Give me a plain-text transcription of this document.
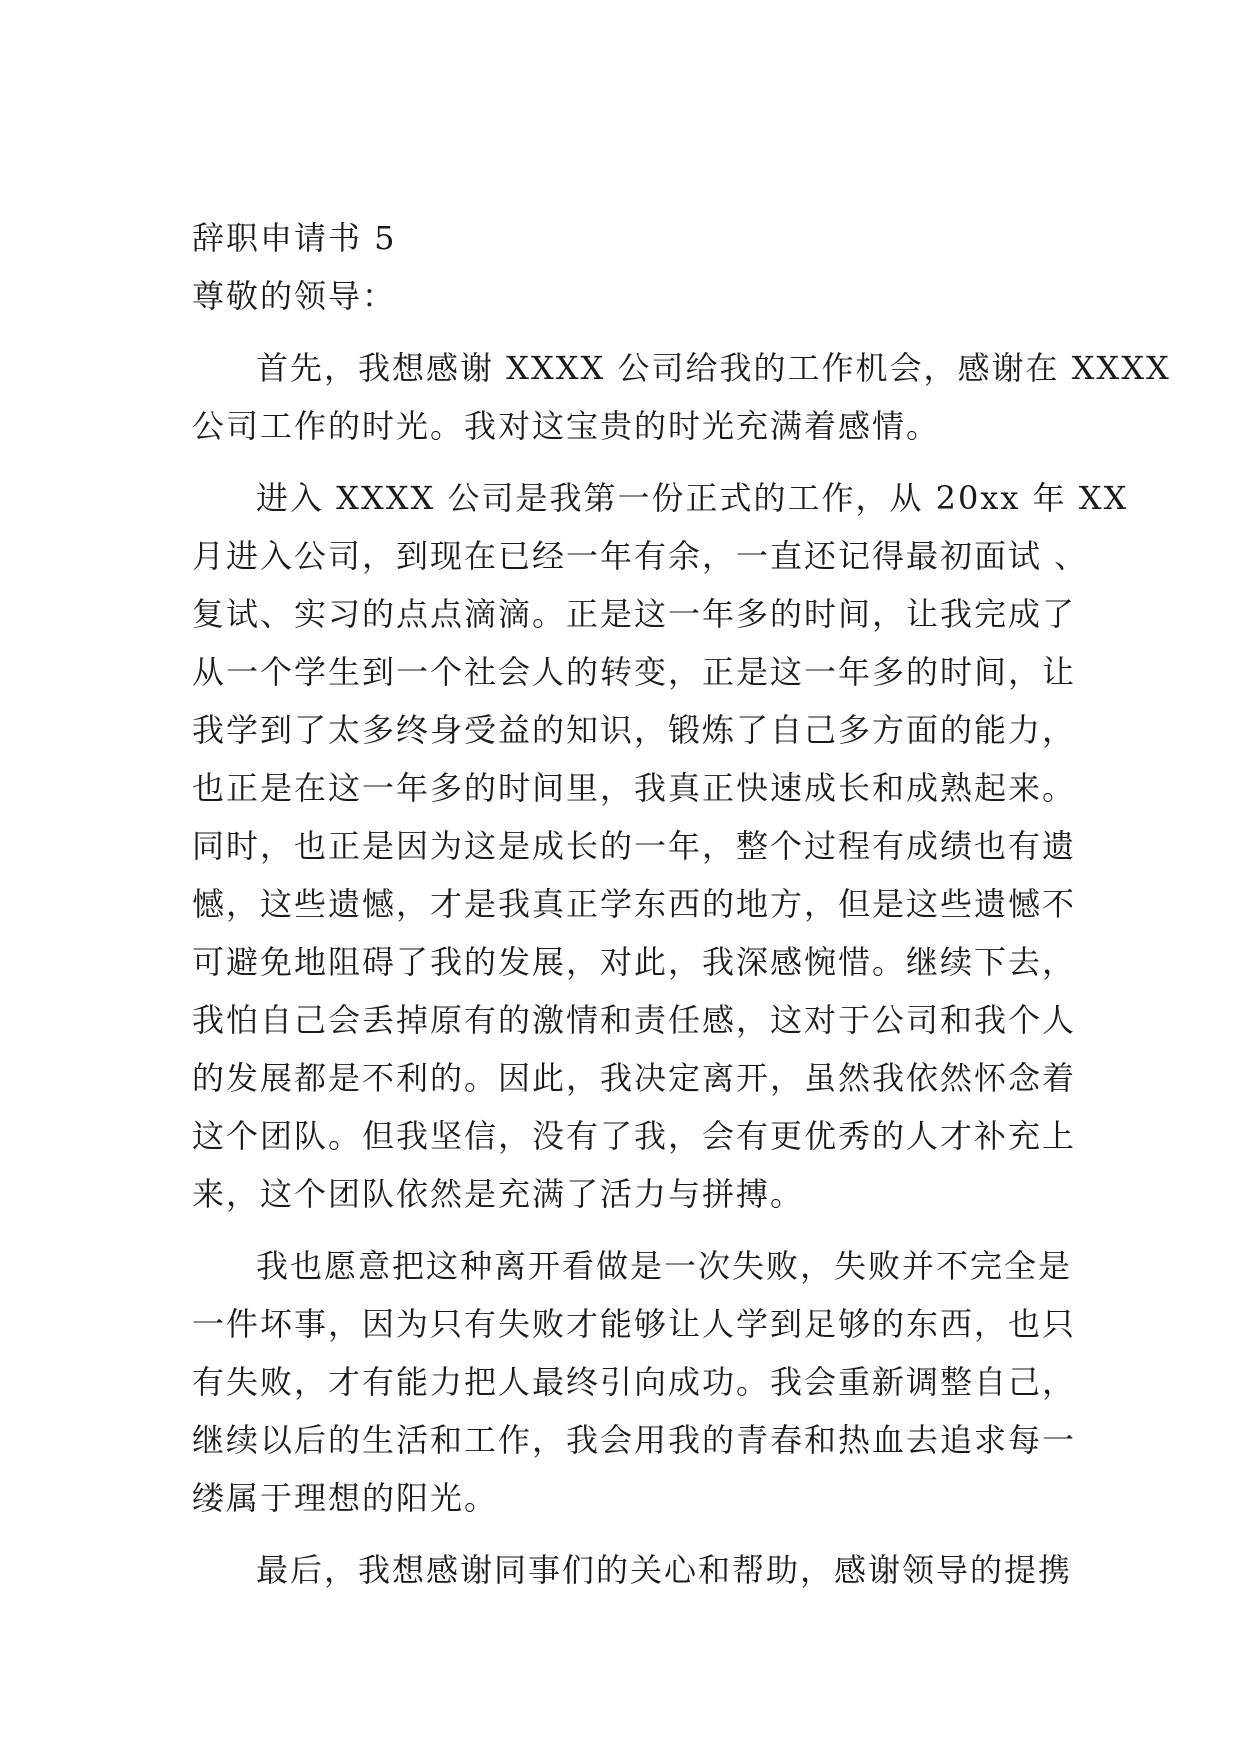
辞职申请书 5
尊敬的领导：
首先，我想感谢 XXXX 公司给我的工作机会，感谢在 XXXX
公司工作的时光。我对这宝贵的时光充满着感情。
进入 XXXX 公司是我第一份正式的工作，从 20xx 年 XX
月进入公司，到现在已经一年有余，一直还记得最初面试 、
复试、实习的点点滴滴。正是这一年多的时间，让我完成了
从一个学生到一个社会人的转变，正是这一年多的时间，让
我学到了太多终身受益的知识，锻炼了自己多方面的能力，
也正是在这一年多的时间里，我真正快速成长和成熟起来。
同时，也正是因为这是成长的一年，整个过程有成绩也有遗
憾，这些遗憾，才是我真正学东西的地方，但是这些遗憾不
可避免地阻碍了我的发展，对此，我深感惋惜。继续下去，
我怕自己会丢掉原有的激情和责任感，这对于公司和我个人
的发展都是不利的。因此，我决定离开，虽然我依然怀念着
这个团队。但我坚信，没有了我，会有更优秀的人才补充上
来，这个团队依然是充满了活力与拼搏。
我也愿意把这种离开看做是一次失败，失败并不完全是
一件坏事，因为只有失败才能够让人学到足够的东西，也只
有失败，才有能力把人最终引向成功。我会重新调整自己，
继续以后的生活和工作，我会用我的青春和热血去追求每一
缕属于理想的阳光。
最后，我想感谢同事们的关心和帮助，感谢领导的提携
